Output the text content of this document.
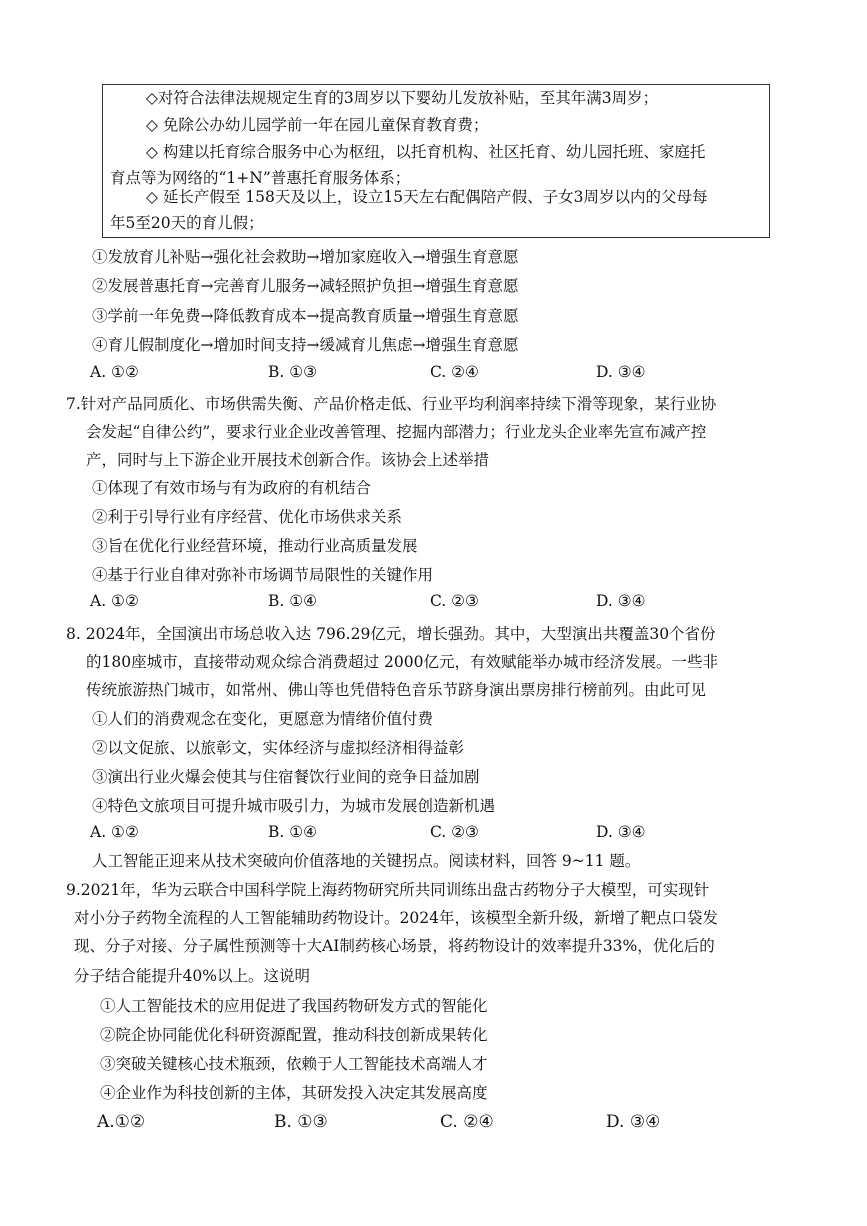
◇对符合法律法规规定生育的3周岁以下婴幼儿发放补贴，至其年满3周岁；
◇ 免除公办幼儿园学前一年在园儿童保育教育费；
◇ 构建以托育综合服务中心为枢纽，以托育机构、社区托育、幼儿园托班、家庭托
育点等为网络的“1+N”普惠托育服务体系；
◇ 延长产假至 158天及以上，设立15天左右配偶陪产假、子女3周岁以内的父母每
年5至20天的育儿假；
①发放育儿补贴→强化社会救助→增加家庭收入→增强生育意愿
②发展普惠托育→完善育儿服务→减轻照护负担→增强生育意愿
③学前一年免费→降低教育成本→提高教育质量→增强生育意愿
④育儿假制度化→增加时间支持→缓减育儿焦虑→增强生育意愿
A. ①②	B. ①③	C. ②④	D. ③④
7.针对产品同质化、市场供需失衡、产品价格走低、行业平均利润率持续下滑等现象，某行业协
会发起“自律公约”，要求行业企业改善管理、挖掘内部潜力；行业龙头企业率先宣布减产控
产，同时与上下游企业开展技术创新合作。该协会上述举措
①体现了有效市场与有为政府的有机结合
②利于引导行业有序经营、优化市场供求关系
③旨在优化行业经营环境，推动行业高质量发展
④基于行业自律对弥补市场调节局限性的关键作用
A. ①②	B. ①④	C. ②③	D. ③④
8. 2024年，全国演出市场总收入达 796.29亿元，增长强劲。其中，大型演出共覆盖30个省份
的180座城市，直接带动观众综合消费超过 2000亿元，有效赋能举办城市经济发展。一些非
传统旅游热门城市，如常州、佛山等也凭借特色音乐节跻身演出票房排行榜前列。由此可见
①人们的消费观念在变化，更愿意为情绪价值付费
②以文促旅、以旅彰文，实体经济与虚拟经济相得益彰
③演出行业火爆会使其与住宿餐饮行业间的竞争日益加剧
④特色文旅项目可提升城市吸引力，为城市发展创造新机遇
A. ①②	B. ①④	C. ②③	D. ③④
人工智能正迎来从技术突破向价值落地的关键拐点。阅读材料，回答 9~11 题。
9.2021年，华为云联合中国科学院上海药物研究所共同训练出盘古药物分子大模型，可实现针
对小分子药物全流程的人工智能辅助药物设计。2024年，该模型全新升级，新增了靶点口袋发
现、分子对接、分子属性预测等十大AI制药核心场景，将药物设计的效率提升33%，优化后的
分子结合能提升40%以上。这说明
①人工智能技术的应用促进了我国药物研发方式的智能化
②院企协同能优化科研资源配置，推动科技创新成果转化
③突破关键核心技术瓶颈，依赖于人工智能技术高端人才
④企业作为科技创新的主体，其研发投入决定其发展高度
A.①②	B. ①③	C. ②④	D. ③④
